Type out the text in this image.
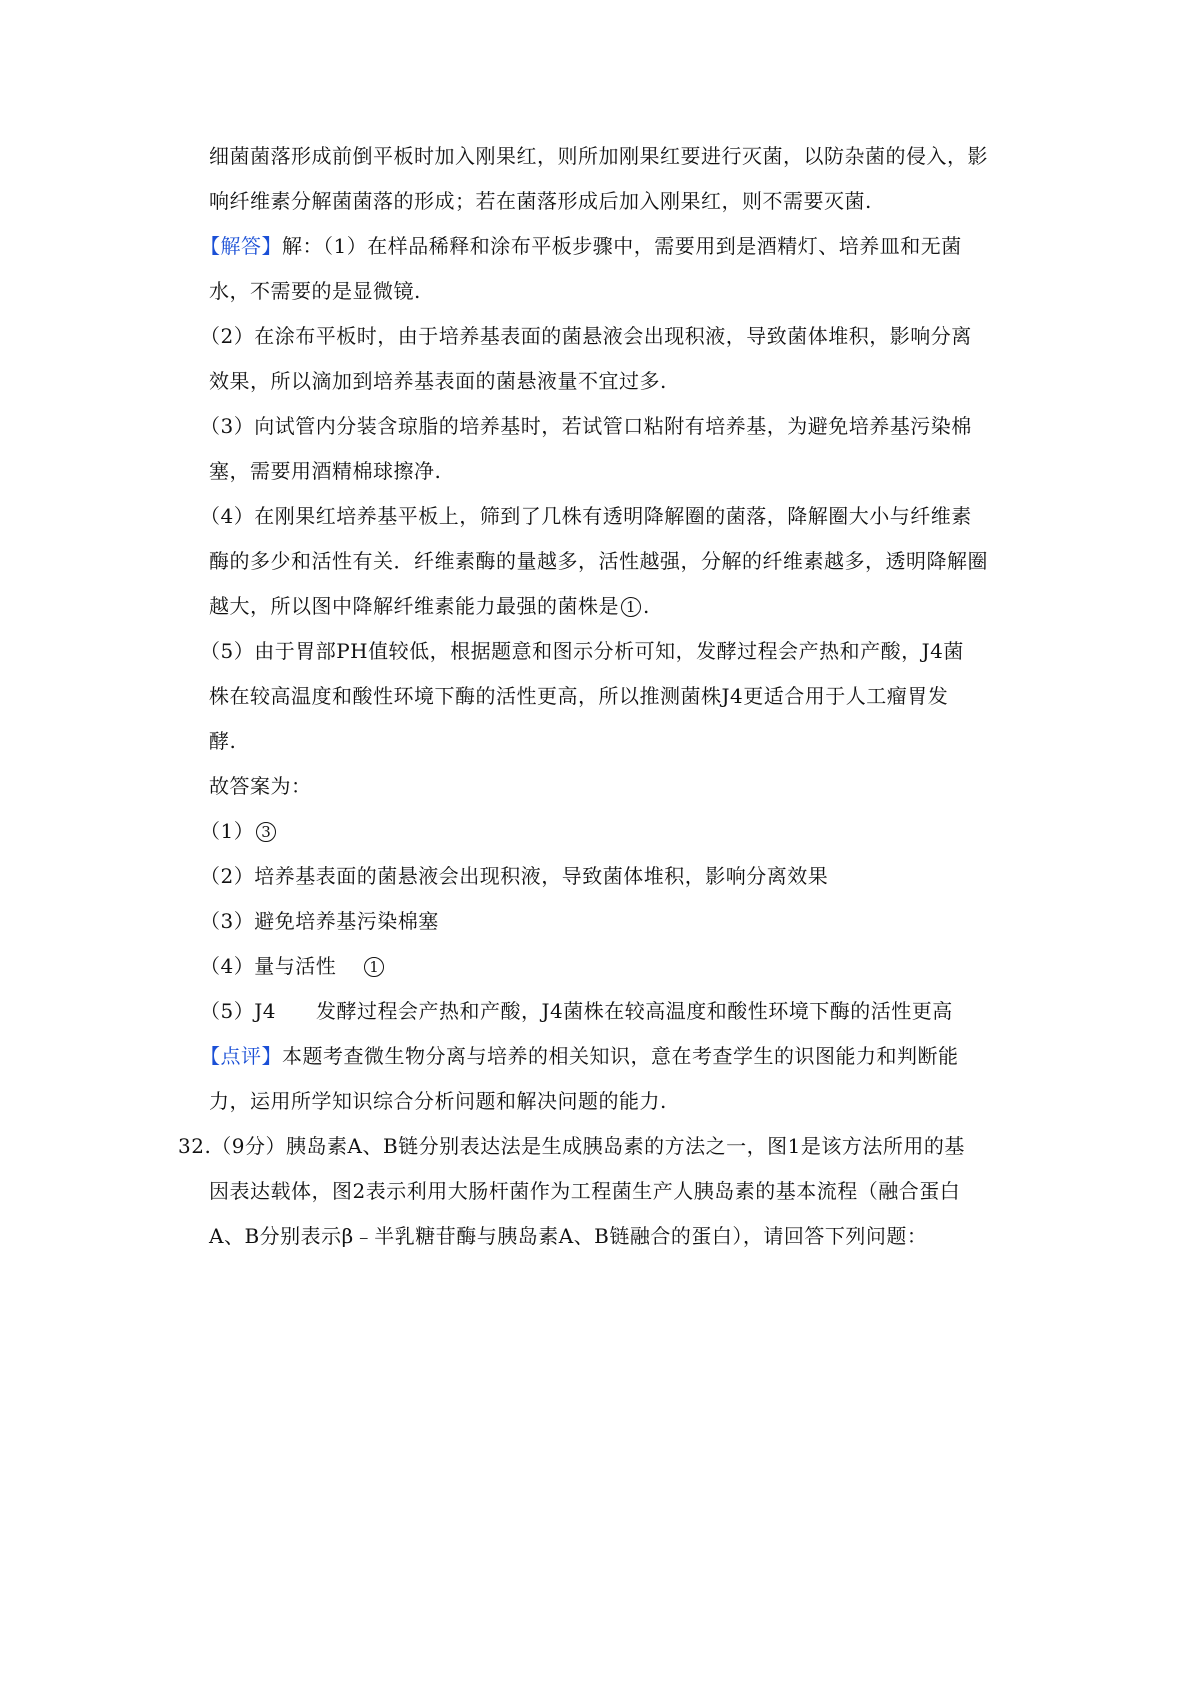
细菌菌落形成前倒平板时加入刚果红，则所加刚果红要进行灭菌，以防杂菌的侵入，影
响纤维素分解菌菌落的形成；若在菌落形成后加入刚果红，则不需要灭菌.
【解答】解：（1）在样品稀释和涂布平板步骤中，需要用到是酒精灯、培养皿和无菌
水，不需要的是显微镜.
（2）在涂布平板时，由于培养基表面的菌悬液会出现积液，导致菌体堆积，影响分离
效果，所以滴加到培养基表面的菌悬液量不宜过多.
（3）向试管内分装含琼脂的培养基时，若试管口粘附有培养基，为避免培养基污染棉
塞，需要用酒精棉球擦净.
（4）在刚果红培养基平板上，筛到了几株有透明降解圈的菌落，降解圈大小与纤维素
酶的多少和活性有关．纤维素酶的量越多，活性越强，分解的纤维素越多，透明降解圈
越大，所以图中降解纤维素能力最强的菌株是 1 .
（5）由于胃部PH值较低，根据题意和图示分析可知，发酵过程会产热和产酸，J4菌
株在较高温度和酸性环境下酶的活性更高，所以推测菌株J4更适合用于人工瘤胃发
酵.
故答案为：
（1） 3
（2）培养基表面的菌悬液会出现积液，导致菌体堆积，影响分离效果
（3）避免培养基污染棉塞
（4）量与活性 1
（5）J4 发酵过程会产热和产酸，J4菌株在较高温度和酸性环境下酶的活性更高
【点评】本题考查微生物分离与培养的相关知识，意在考查学生的识图能力和判断能
力，运用所学知识综合分析问题和解决问题的能力.
32.（9分）胰岛素A、B链分别表达法是生成胰岛素的方法之一，图1是该方法所用的基
因表达载体，图2表示利用大肠杆菌作为工程菌生产人胰岛素的基本流程（融合蛋白
A、B分别表示β﹣半乳糖苷酶与胰岛素A、B链融合的蛋白），请回答下列问题：
